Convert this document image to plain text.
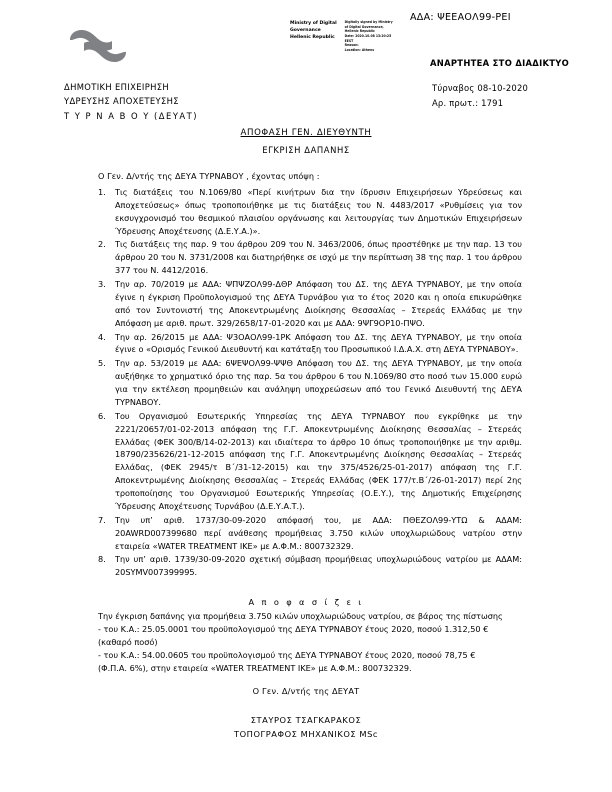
ΑΔΑ: ΨΕΕΑΟΛ99-ΡΕΙ
Ministry of Digital
Governance
Hellenic Republic
Digitally signed by Ministry
of Digital Governance,
Hellenic Republic
Date: 2020.10.08 13:20:25
EEST
Reason:
Location: Athens
ΔΗΜΟΤΙΚΗ ΕΠΙΧΕΙΡΗΣΗ
ΥΔΡΕΥΣΗΣ ΑΠΟΧΕΤΕΥΣΗΣ
Τ Υ Ρ Ν Α Β Ο Υ (ΔΕΥΑΤ)
ΑΝΑΡΤΗΤΕΑ ΣΤΟ ΔΙΑΔΙΚΤΥΟ
Τύρναβος 08-10-2020
Αρ. πρωτ.: 1791
ΑΠΟΦΑΣΗ ΓΕΝ. ΔΙΕΥΘΥΝΤΗ
ΕΓΚΡΙΣΗ ΔΑΠΑΝΗΣ
Ο Γεν. Δ/ντής της ΔΕΥΑ ΤΥΡΝΑΒΟΥ , έχοντας υπόψη :
Τις διατάξεις του Ν.1069/80 «Περί κινήτρων δια την ίδρυσιν Επιχειρήσεων Υδρεύσεως και Αποχετεύσεως» όπως τροποποιήθηκε με τις διατάξεις του Ν. 4483/2017 «Ρυθμίσεις για τον εκσυγχρονισμό του θεσμικού πλαισίου οργάνωσης και λειτουργίας των Δημοτικών Επιχειρήσεων Ύδρευσης Αποχέτευσης (Δ.Ε.Υ.Α.)».
Τις διατάξεις της παρ. 9 του άρθρου 209 του Ν. 3463/2006, όπως προστέθηκε με την παρ. 13 του άρθρου 20 του Ν. 3731/2008 και διατηρήθηκε σε ισχύ με την περίπτωση 38 της παρ. 1 του άρθρου 377 του Ν. 4412/2016.
Την αρ. 70/2019 με ΑΔΑ: ΨΠΨΖΟΛ99-ΔΘΡ Απόφαση του ΔΣ. της ΔΕΥΑ ΤΥΡΝΑΒΟΥ, με την οποία έγινε η έγκριση Προϋπολογισμού της ΔΕΥΑ Τυρνάβου για το έτος 2020 και η οποία επικυρώθηκε από τον Συντονιστή της Αποκεντρωμένης Διοίκησης Θεσσαλίας – Στερεάς Ελλάδας με την Απόφαση με αριθ. πρωτ. 329/2658/17-01-2020 και με ΑΔΑ: 9ΨΓ9ΟΡ10-ΠΨΟ.
Την αρ. 26/2015 με ΑΔΑ: Ψ3ΟΑΟΛ99-1ΡΚ Απόφαση του ΔΣ. της ΔΕΥΑ ΤΥΡΝΑΒΟΥ, με την οποία έγινε ο «Ορισμός Γενικού Διευθυντή και κατάταξη του Προσωπικού Ι.Δ.Α.Χ. στη ΔΕΥΑ ΤΥΡΝΑΒΟΥ».
Την αρ. 53/2019 με ΑΔΑ: 6ΨΕΨΟΛ99-ΨΨΘ Απόφαση του ΔΣ. της ΔΕΥΑ ΤΥΡΝΑΒΟΥ, με την οποία αυξήθηκε το χρηματικό όριο της παρ. 5α του άρθρου 6 του Ν.1069/80 στο ποσό των 15.000 ευρώ για την εκτέλεση προμηθειών και ανάληψη υποχρεώσεων από του Γενικό Διευθυντή της ΔΕΥΑ ΤΥΡΝΑΒΟΥ.
Του Οργανισμού Εσωτερικής Υπηρεσίας της ΔΕΥΑ ΤΥΡΝΑΒΟΥ που εγκρίθηκε με την 2221/20657/01-02-2013 απόφαση της Γ.Γ. Αποκεντρωμένης Διοίκησης Θεσσαλίας – Στερεάς Ελλάδας (ΦΕΚ 300/Β/14-02-2013) και ιδιαίτερα το άρθρο 10 όπως τροποποιήθηκε με την αριθμ. 18790/235626/21-12-2015 απόφαση της Γ.Γ. Αποκεντρωμένης Διοίκησης Θεσσαλίας – Στερεάς Ελλάδας, (ΦΕΚ 2945/τ Β΄/31-12-2015) και την 375/4526/25-01-2017) απόφαση της Γ.Γ. Αποκεντρωμένης Διοίκησης Θεσσαλίας – Στερεάς Ελλάδας (ΦΕΚ 177/τ.Β΄/26-01-2017) περί 2ης τροποποίησης του Οργανισμού Εσωτερικής Υπηρεσίας (Ο.Ε.Υ.), της Δημοτικής Επιχείρησης Ύδρευσης Αποχέτευσης Τυρνάβου (Δ.Ε.Υ.Α.Τ.).
Την υπ’ αριθ. 1737/30-09-2020 απόφασή του, με ΑΔΑ: ΠΘΕΖΟΛ99-ΥΤΩ & ΑΔΑΜ: 20AWRD007399680 περί ανάθεσης προμήθειας 3.750 κιλών υποχλωριώδους νατρίου στην εταιρεία «WATER TREATMENT ΙΚΕ» με Α.Φ.Μ.: 800732329.
Την υπ’ αριθ. 1739/30-09-2020 σχετική σύμβαση προμήθειας υποχλωριώδους νατρίου με ΑΔΑΜ: 20SYMV007399995.
Α π ο φ α σ ί ζ ε ι

Την έγκριση δαπάνης για προμήθεια 3.750 κιλών υποχλωριώδους νατρίου, σε βάρος της πίστωσης

- του Κ.Α.: 25.05.0001 του προϋπολογισμού της ΔΕΥΑ ΤΥΡΝΑΒΟΥ έτους 2020, ποσού 1.312,50 €

(καθαρό ποσό)

- του Κ.Α.: 54.00.0605 του προϋπολογισμού της ΔΕΥΑ ΤΥΡΝΑΒΟΥ έτους 2020, ποσού 78,75 €

(Φ.Π.Α. 6%), στην εταιρεία «WATER TREATMENT ΙΚΕ» με Α.Φ.Μ.: 800732329.

Ο Γεν. Δ/ντής της ΔΕΥΑΤ
ΣΤΑΥΡΟΣ ΤΣΑΓΚΑΡΑΚΟΣ
ΤΟΠΟΓΡΑΦΟΣ ΜΗΧΑΝΙΚΟΣ MSc
